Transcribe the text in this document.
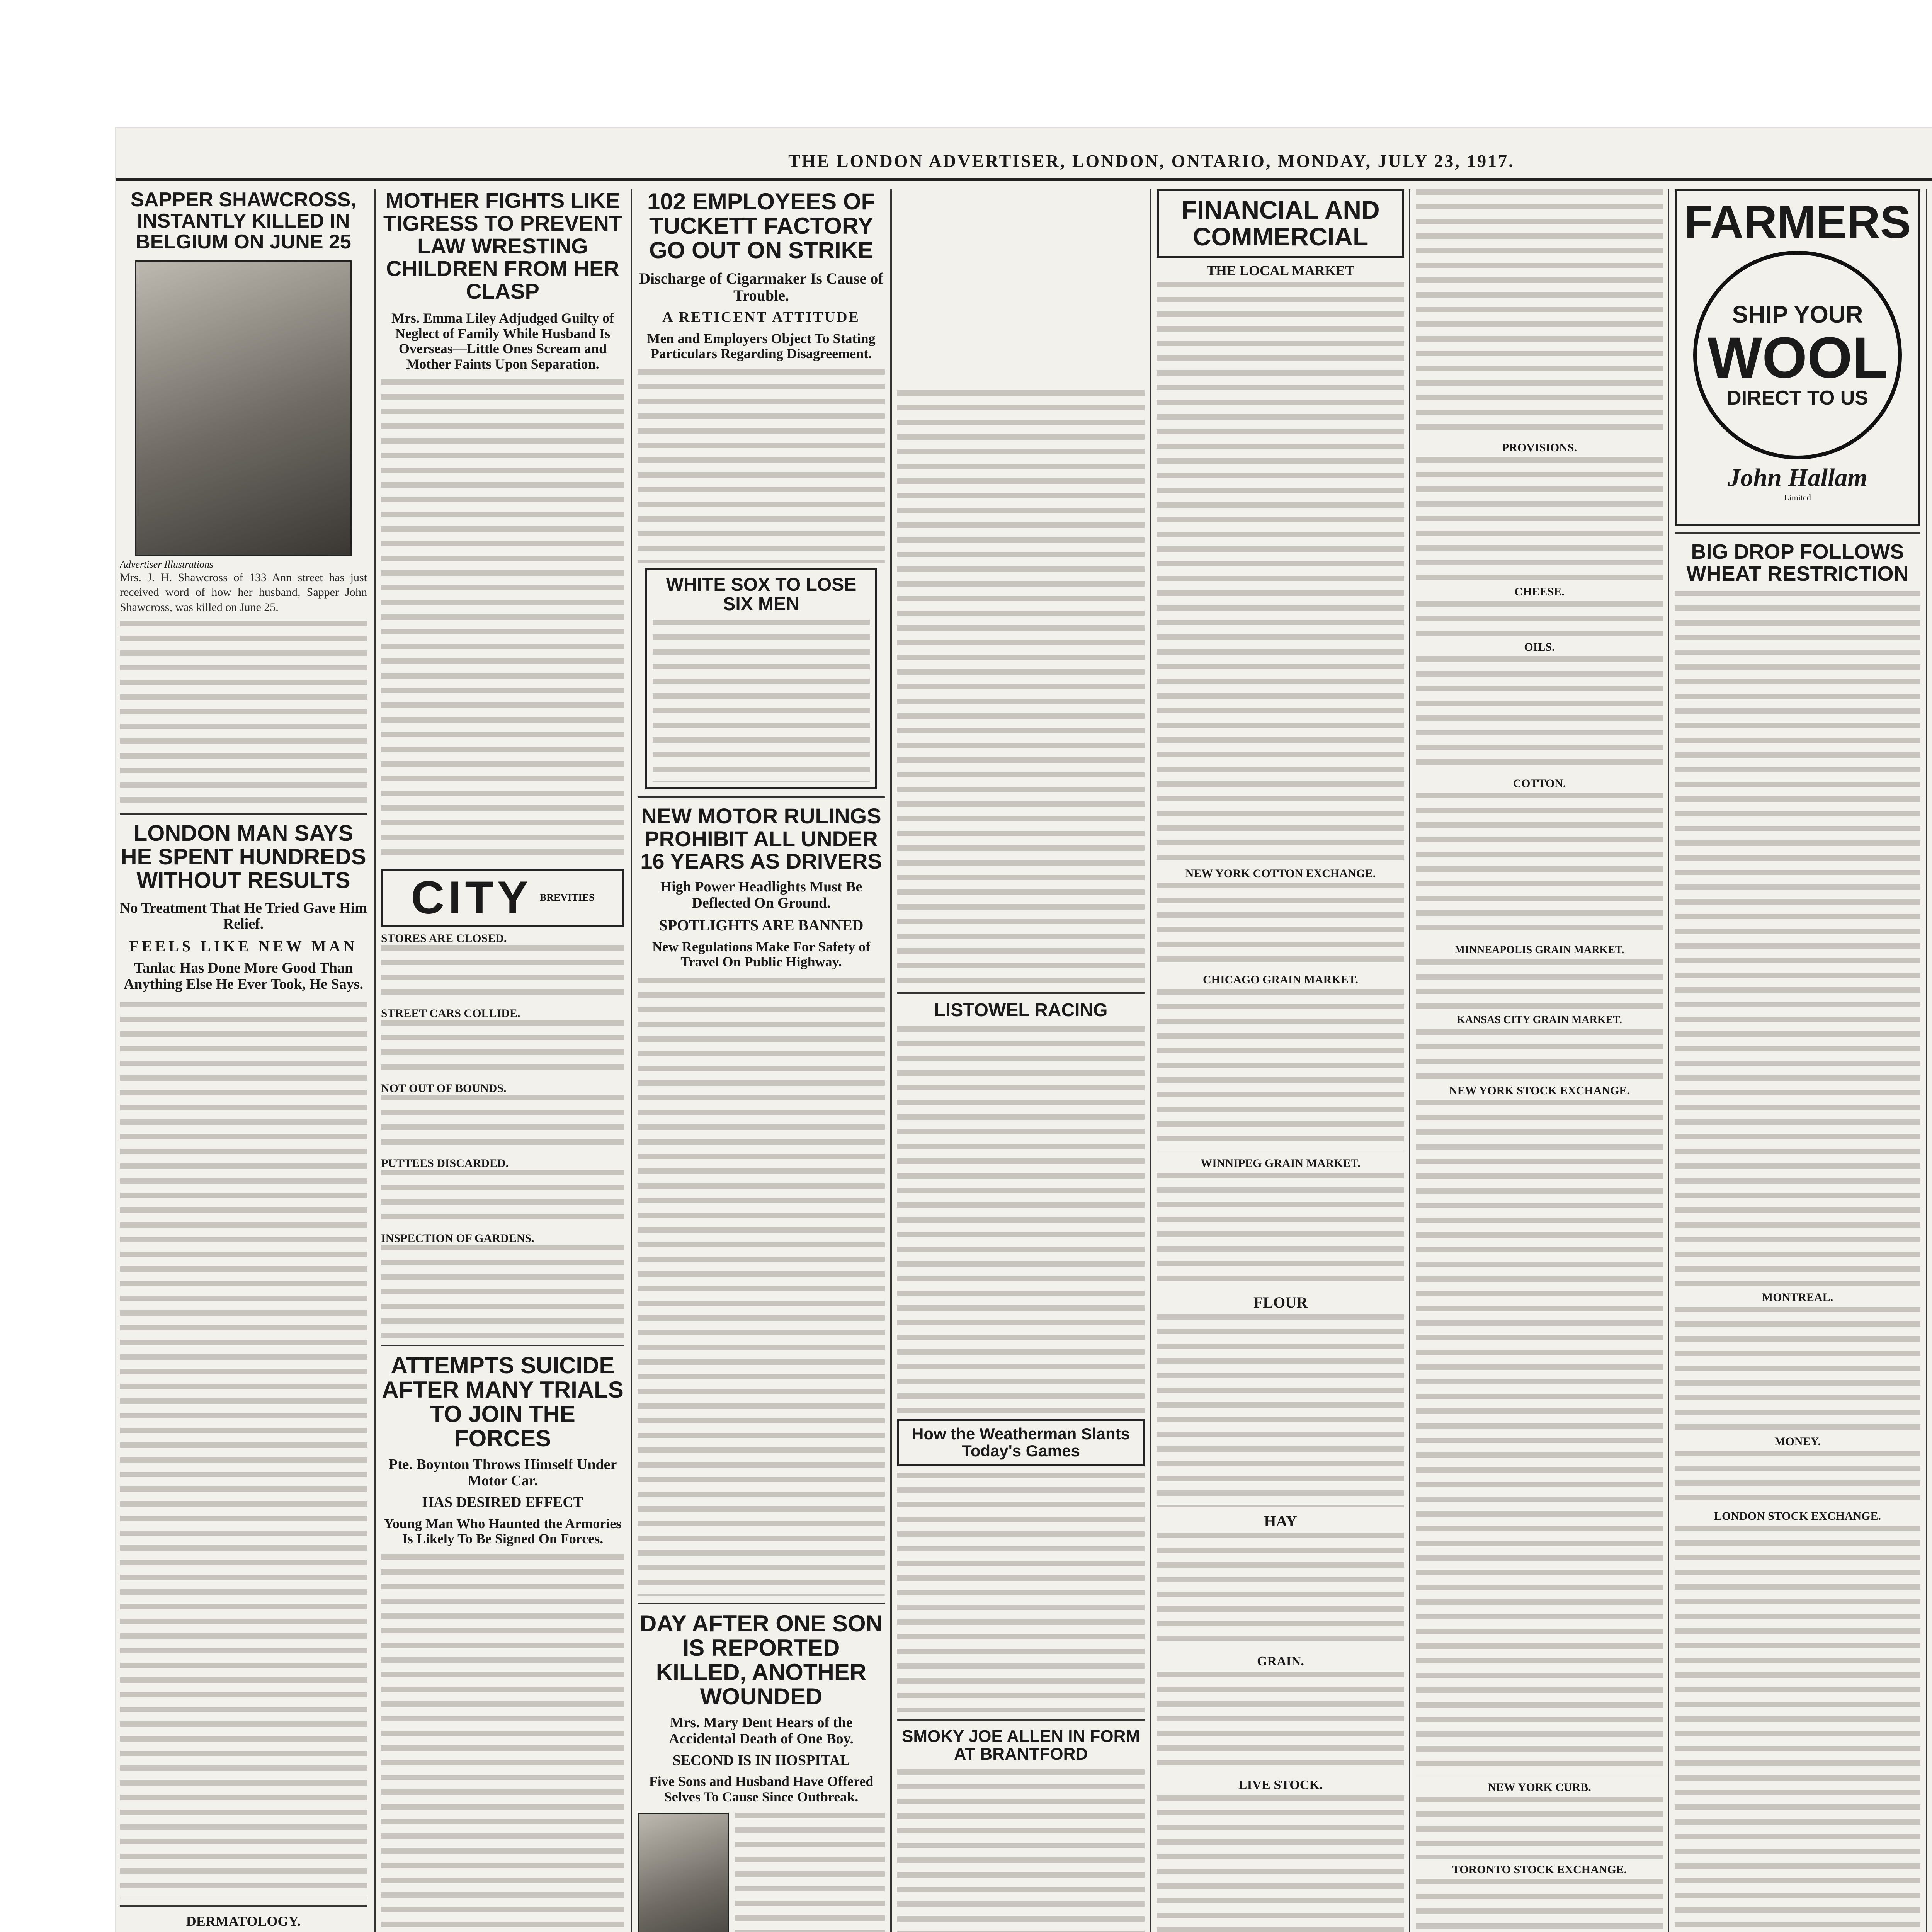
THE LONDON ADVERTISER, LONDON, ONTARIO, MONDAY, JULY 23, 1917.
SAPPER SHAWCROSS, INSTANTLY KILLED IN BELGIUM ON JUNE 25
Advertiser Illustrations

Mrs. J. H. Shawcross of 133 Ann street has just received word of how her husband, Sapper John Shawcross, was killed on June 25.

LONDON MAN SAYS HE SPENT HUNDREDS WITHOUT RESULTS
No Treatment That He Tried Gave Him Relief.
FEELS LIKE NEW MAN
Tanlac Has Done More Good Than Anything Else He Ever Took, He Says.
DERMATOLOGY.

MOTHER FIGHTS LIKE TIGRESS TO PREVENT LAW WRESTING CHILDREN FROM HER CLASP
Mrs. Emma Liley Adjudged Guilty of Neglect of Family While Husband Is Overseas—Little Ones Scream and Mother Faints Upon Separation.
CITY BREVITIES
STORES ARE CLOSED.
STREET CARS COLLIDE.
NOT OUT OF BOUNDS.
PUTTEES DISCARDED.
INSPECTION OF GARDENS.
ATTEMPTS SUICIDE AFTER MANY TRIALS TO JOIN THE FORCES
Pte. Boynton Throws Himself Under Motor Car.
HAS DESIRED EFFECT
Young Man Who Haunted the Armories Is Likely To Be Signed On Forces.
102 EMPLOYEES OF TUCKETT FACTORY GO OUT ON STRIKE
Discharge of Cigarmaker Is Cause of Trouble.
A RETICENT ATTITUDE
Men and Employers Object To Stating Particulars Regarding Disagreement.
WHITE SOX TO LOSE SIX MEN
NEW MOTOR RULINGS PROHIBIT ALL UNDER 16 YEARS AS DRIVERS
High Power Headlights Must Be Deflected On Ground.
SPOTLIGHTS ARE BANNED
New Regulations Make For Safety of Travel On Public Highway.
DAY AFTER ONE SON IS REPORTED KILLED, ANOTHER WOUNDED
Mrs. Mary Dent Hears of the Accidental Death of One Boy.
SECOND IS IN HOSPITAL
Five Sons and Husband Have Offered Selves To Cause Since Outbreak.
LISTOWEL RACING
How the Weatherman Slants Today's Games
SMOKY JOE ALLEN IN FORM AT BRANTFORD
FINANCIAL AND COMMERCIAL
THE LOCAL MARKET
NEW YORK COTTON EXCHANGE.
CHICAGO GRAIN MARKET.
WINNIPEG GRAIN MARKET.
FLOUR
HAY
GRAIN.
LIVE STOCK.
PROVISIONS.
CHEESE.
OILS.
COTTON.
MINNEAPOLIS GRAIN MARKET.
KANSAS CITY GRAIN MARKET.
NEW YORK STOCK EXCHANGE.
NEW YORK CURB.
TORONTO STOCK EXCHANGE.
FARMERS
SHIP YOUR
WOOL
DIRECT TO US
John Hallam
Limited
BIG DROP FOLLOWS WHEAT RESTRICTION
MONTREAL.
MONEY.
LONDON STOCK EXCHANGE.
